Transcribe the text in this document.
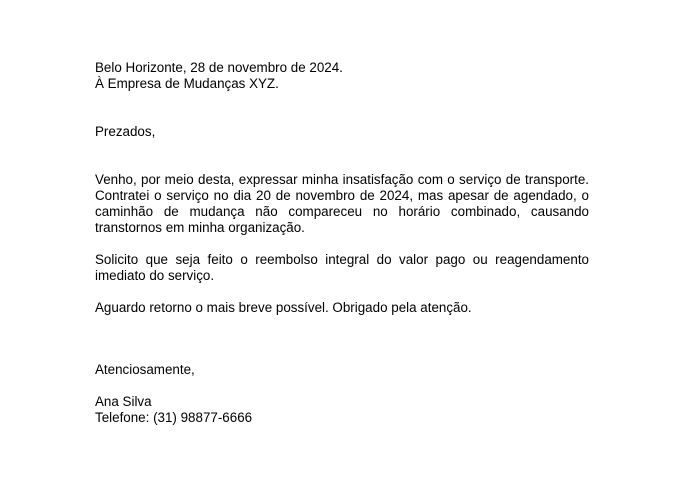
Belo Horizonte, 28 de novembro de 2024.
À Empresa de Mudanças XYZ.
Prezados,
Venho, por meio desta, expressar minha insatisfação com o serviço de transporte. Contratei o serviço no dia 20 de novembro de 2024, mas apesar de agendado, o caminhão de mudança não compareceu no horário combinado, causando transtornos em minha organização.
Solicito que seja feito o reembolso integral do valor pago ou reagendamento imediato do serviço.
Aguardo retorno o mais breve possível. Obrigado pela atenção.
Atenciosamente,
Ana Silva
Telefone: (31) 98877-6666
